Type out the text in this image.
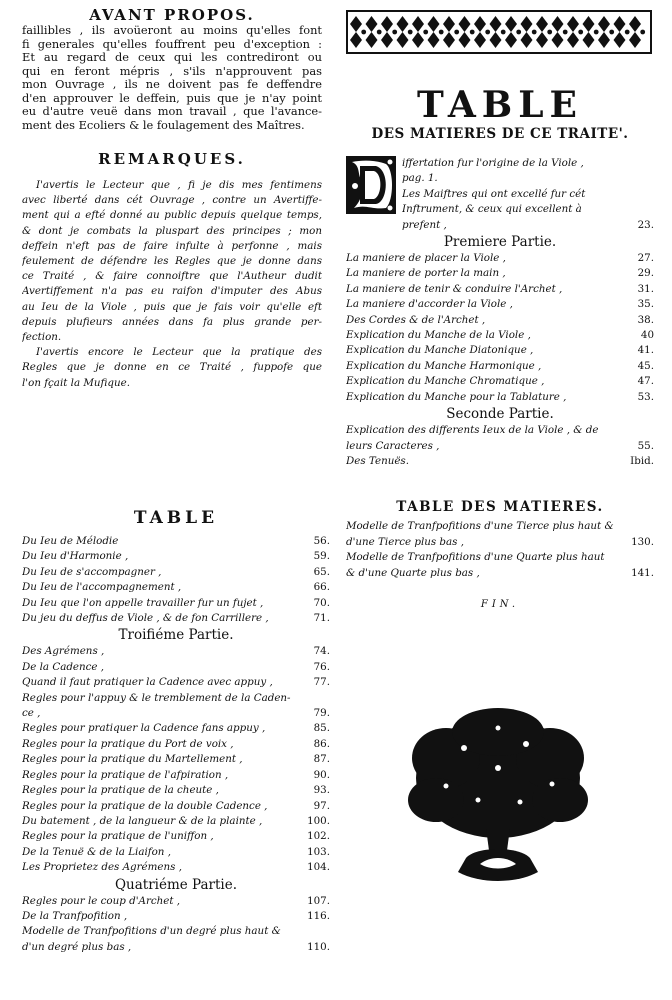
AVANT PROPOS.
faillibles , ils avoüeront au moins qu'elles font
fi generales qu'elles fouffrent peu d'exception :
Et au regard de ceux qui les contrediront ou
qui en feront mépris , s'ils n'approuvent pas
mon Ouvrage , ils ne doivent pas fe deffendre
d'en approuver le deffein, puis que je n'ay point
eu d'autre veuë dans mon travail , que l'avance-
ment des Ecoliers & le foulagement des Maîtres.
REMARQUES.
I'avertis le Lecteur que , fi je dis mes fentimens
avec liberté dans cét Ouvrage , contre un Avertiffe-
ment qui a efté donné au public depuis quelque temps,
& dont je combats la pluspart des principes ; mon
deffein n'eft pas de faire infulte à perfonne , mais
feulement de défendre les Regles que je donne dans
ce Traité , & faire connoiftre que l'Autheur dudit
Avertiffement n'a pas eu raifon d'imputer des Abus
au Ieu de la Viole , puis que je fais voir qu'elle eft
depuis plufieurs années dans fa plus grande per-
fection.
I'avertis encore le Lecteur que la pratique des
Regles que je donne en ce Traité , fuppofe que
l'on fçait la Mufique.
TABLE
Du Ieu de Mélodie	56.
Du Ieu d'Harmonie ,	59.
Du Ieu de s'accompagner ,	65.
Du Ieu de l'accompagnement ,	66.
Du Ieu que l'on appelle travailler fur un fujet ,	70.
Du jeu du deffus de Viole , & de fon Carrillere ,	71.
Troifiéme Partie.
Des Agrémens ,	74.
De la Cadence ,	76.
Quand il faut pratiquer la Cadence avec appuy ,	77.
Regles pour l'appuy & le tremblement de la Caden-
ce ,	79.
Regles pour pratiquer la Cadence fans appuy ,	85.
Regles pour la pratique du Port de voix ,	86.
Regles pour la pratique du Martellement ,	87.
Regles pour la pratique de l'afpiration ,	90.
Regles pour la pratique de la cheute ,	93.
Regles pour la pratique de la double Cadence ,	97.
Du batement , de la langueur & de la plainte ,	100.
Regles pour la pratique de l'uniffon ,	102.
De la Tenuë & de la Liaifon ,	103.
Les Proprietez des Agrémens ,	104.
Quatriéme Partie.
Regles pour le coup d'Archet ,	107.
De la Tranfpofition ,	116.
Modelle de Tranfpofitions d'un degré plus haut &
d'un degré plus bas ,	110.
TABLE
DES MATIERES DE CE TRAITE'.
iffertation fur l'origine de la Viole ,
pag. 1.
Les Maiftres qui ont excellé fur cét
Inftrument, & ceux qui excellent à
prefent ,	23.
Premiere Partie.
La maniere de placer la Viole ,	27.
La maniere de porter la main ,	29.
La maniere de tenir & conduire l'Archet ,	31.
La maniere d'accorder la Viole ,	35.
Des Cordes & de l'Archet ,	38.
Explication du Manche de la Viole ,	40
Explication du Manche Diatonique ,	41.
Explication du Manche Harmonique ,	45.
Explication du Manche Chromatique ,	47.
Explication du Manche pour la Tablature ,	53.
Seconde Partie.
Explication des differents Ieux de la Viole , & de
leurs Caracteres ,	55.
Des Tenuës.	Ibid.
TABLE DES MATIERES.
Modelle de Tranfpofitions d'une Tierce plus haut &
d'une Tierce plus bas ,	130.
Modelle de Tranfpofitions d'une Quarte plus haut
& d'une Quarte plus bas ,	141.
FIN.
